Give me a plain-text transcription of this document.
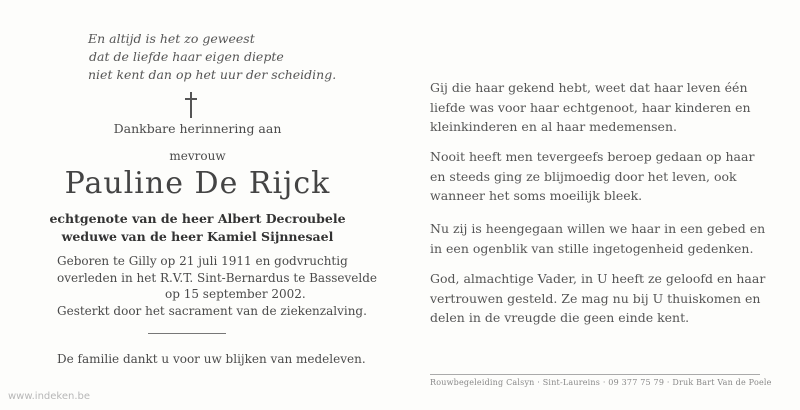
En altijd is het zo geweest
dat de liefde haar eigen diepte
niet kent dan op het uur der scheiding.
Dankbare herinnering aan
mevrouw
Pauline De Rijck
echtgenote van de heer Albert Decroubele
weduwe van de heer Kamiel Sijnnesael
Geboren te Gilly op 21 juli 1911 en godvruchtig
overleden in het R.V.T. Sint-Bernardus te Bassevelde
op 15 september 2002.
Gesterkt door het sacrament van de ziekenzalving.
De familie dankt u voor uw blijken van medeleven.
Gij die haar gekend hebt, weet dat haar leven één
liefde was voor haar echtgenoot, haar kinderen en
kleinkinderen en al haar medemensen.
Nooit heeft men tevergeefs beroep gedaan op haar
en steeds ging ze blijmoedig door het leven, ook
wanneer het soms moeilijk bleek.
Nu zij is heengegaan willen we haar in een gebed en
in een ogenblik van stille ingetogenheid gedenken.
God, almachtige Vader, in U heeft ze geloofd en haar
vertrouwen gesteld. Ze mag nu bij U thuiskomen en
delen in de vreugde die geen einde kent.
Rouwbegeleiding Calsyn · Sint-Laureins · 09 377 75 79 · Druk Bart Van de Poele
www.indeken.be
